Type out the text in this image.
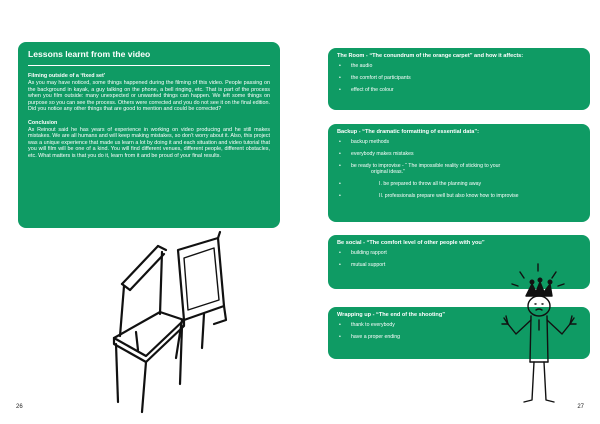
Lessons learnt from the video
Filming outside of a ‘fixed set’
As you may have noticed, some things happened during the filming of this video. People passing on the background in kayak, a guy talking on the phone, a bell ringing, etc. That is part of the process when you film outside: many unexpected or unwanted things can happen. We left some things on purpose so you can see the process. Others were corrected and you do not see it on the final edition. Did you notice any other things that are good to mention and could be corrected?
Conclusion
As Reinout said he has years of experience in working on video producing and he still makes mistakes. We are all humans and will keep making mistakes, so don’t worry about it. Also, this project was a unique experience that made us learn a lot by doing it and each situation and video tutorial that you will film will be one of a kind. You will find different venues, different people, different obstacles, etc. What matters is that you do it, learn from it and be proud of your final results.
26
The Room - “The conundrum of the orange carpet” and how it affects:
• the audio
• the comfort of participants
• effect of the colour
Backup - “The dramatic formatting of essential data”:
• backup methods
• everybody makes mistakes
• be ready to improvise - “ The impossible reality of sticking to your
original ideas.”
•	I. be prepared to throw all the planning away
•	II. professionals prepare well but also know how to improvise
Be social - “The comfort level of other people with you”
• building rapport
• mutual support
Wrapping up - “The end of the shooting”
• thank to everybody
• have a proper ending
27
